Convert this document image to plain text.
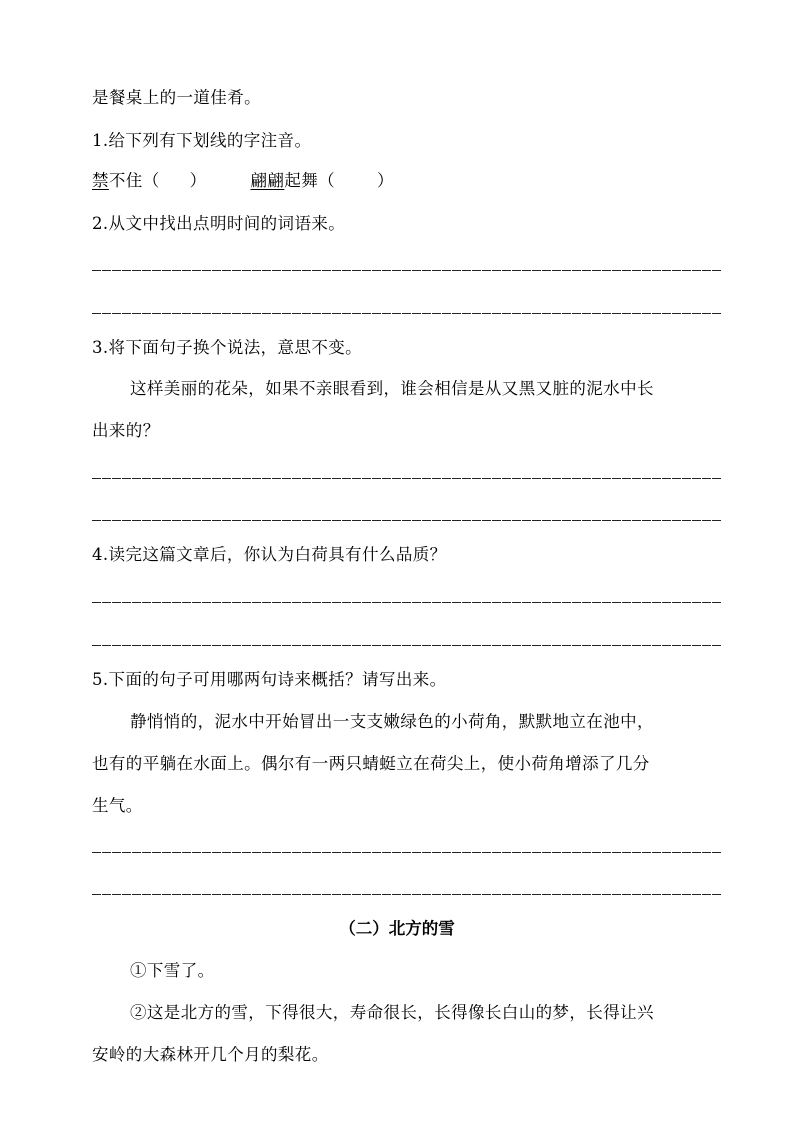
是餐桌上的一道佳肴。
1.给下列有下划线的字注音。
禁不住（ ）	翩翩起舞（	）
2.从文中找出点明时间的词语来。
3.将下面句子换个说法，意思不变。
这样美丽的花朵，如果不亲眼看到，谁会相信是从又黑又脏的泥水中长
出来的？
4.读完这篇文章后，你认为白荷具有什么品质？
5.下面的句子可用哪两句诗来概括？请写出来。
静悄悄的，泥水中开始冒出一支支嫩绿色的小荷角，默默地立在池中，
也有的平躺在水面上。偶尔有一两只蜻蜓立在荷尖上，使小荷角增添了几分
生气。
（二）北方的雪
①下雪了。
②这是北方的雪，下得很大，寿命很长，长得像长白山的梦，长得让兴
安岭的大森林开几个月的梨花。
